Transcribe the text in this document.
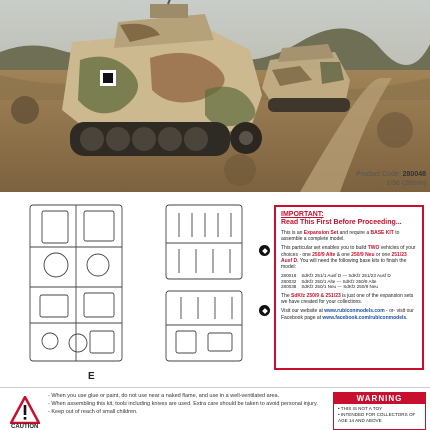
Product Code: 280048
1/56 (28mm)
E
IMPORTANT:
Read This First Before Proceeding...

This is an Expansion Set and require a BASE KIT to assemble a complete model.

This particular set enables you to build TWO vehicles of your choices - one 250/9 Alte & one 250/9 Neu or one 251/23 Ausf D. You will need the following base kits to finish the model:

280018	SdKfz 251/1 Ausf D --- SdKfz 251/23 Ausf D
280032	SdKfz 250/1 Alte --- SdKfz 250/9 Alte
280038	SdKfz 250/1 Neu --- SdKfz 250/9 Neu

The SdKfz 250/9 & 251/23 is just one of the expansion sets we have created for your collections.

Visit our website at www.rubiconmodels.com - or- visit our Facebook page at www.facebook.com/rubiconmodels.

CAUTION
- When you use glue or paint, do not use near a naked flame, and use in a well-ventilated area.
- When assembling this kit, tools including knives are used. Extra care should be taken to avoid personal injury.
- Keep out of reach of small children.
WARNING
• THIS IS NOT A TOY
• INTENDED FOR COLLECTORS OF AGE 14 AND ABOVE
